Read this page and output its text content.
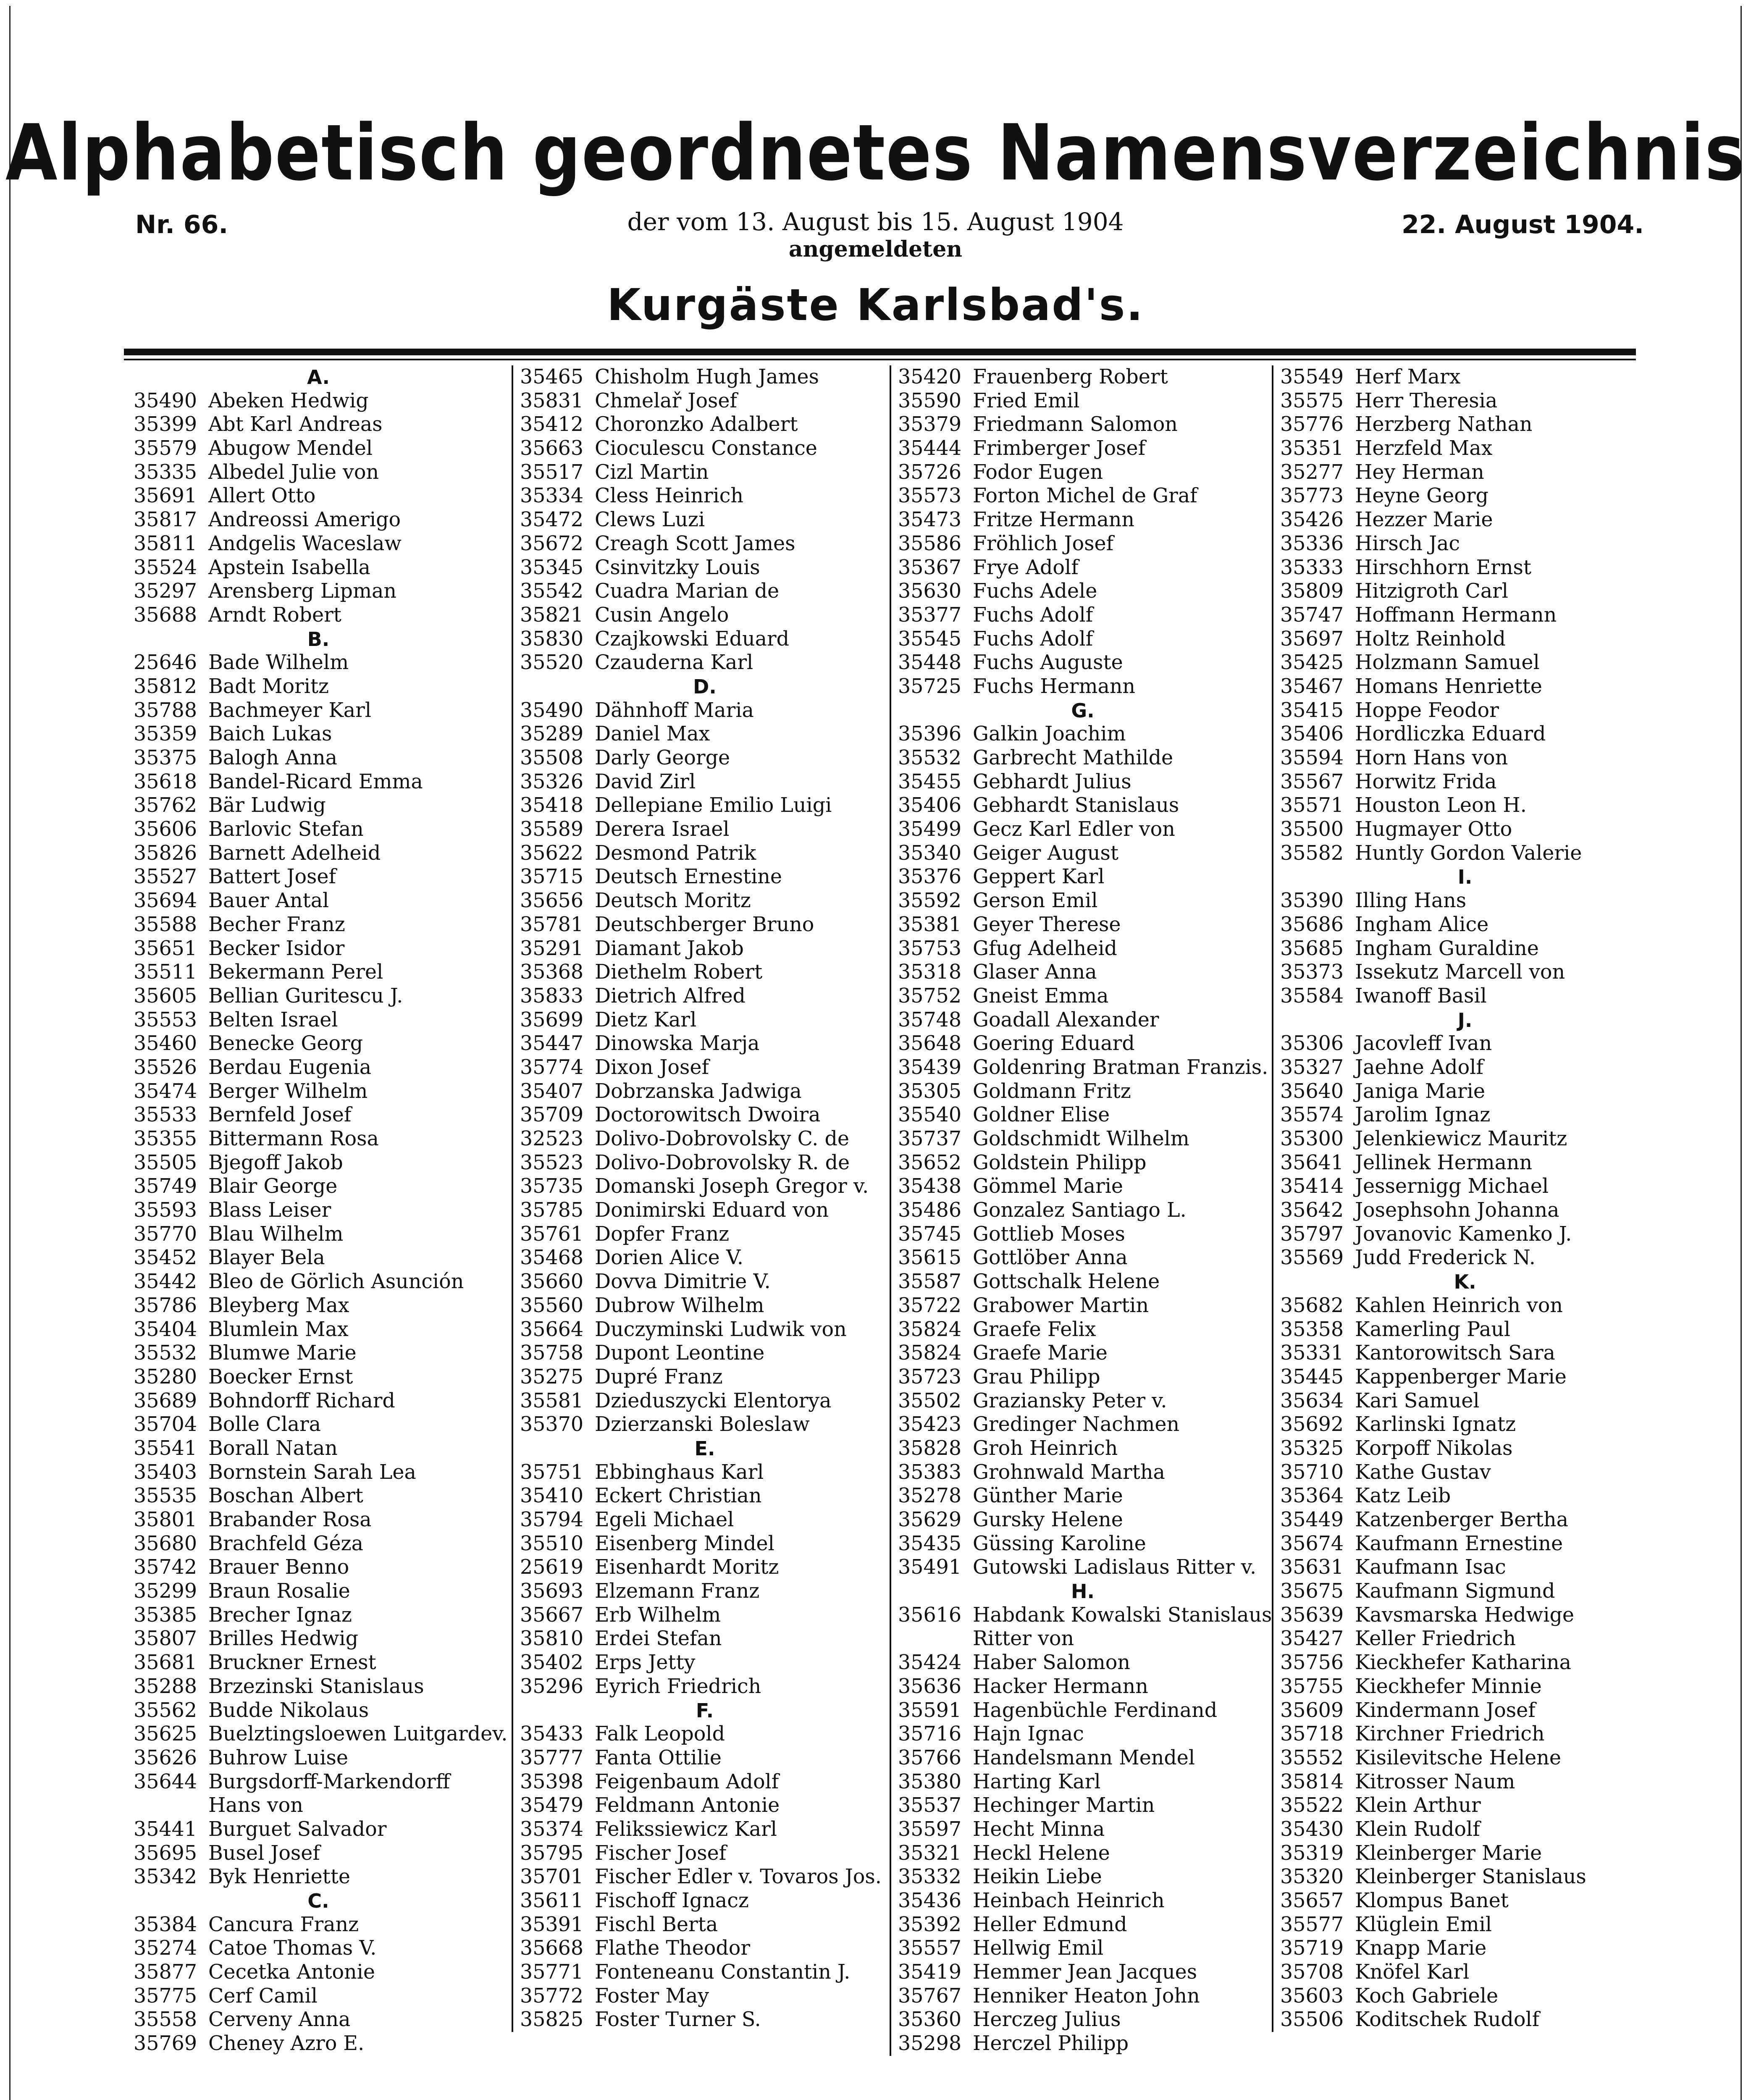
Alphabetisch geordnetes Namensverzeichnis
Nr. 66.	der vom 13. August bis 15. August 1904
angemeldeten
22. August 1904.
Kurgäste Karlsbad's.
A.
35490 Abeken Hedwig
35399 Abt Karl Andreas
35579 Abugow Mendel
35335 Albedel Julie von
35691 Allert Otto
35817 Andreossi Amerigo
35811 Andgelis Waceslaw
35524 Apstein Isabella
35297 Arensberg Lipman
35688 Arndt Robert
B.
25646 Bade Wilhelm
35812 Badt Moritz
35788 Bachmeyer Karl
35359 Baich Lukas
35375 Balogh Anna
35618 Bandel-Ricard Emma
35762 Bär Ludwig
35606 Barlovic Stefan
35826 Barnett Adelheid
35527 Battert Josef
35694 Bauer Antal
35588 Becher Franz
35651 Becker Isidor
35511 Bekermann Perel
35605 Bellian Guritescu J.
35553 Belten Israel
35460 Benecke Georg
35526 Berdau Eugenia
35474 Berger Wilhelm
35533 Bernfeld Josef
35355 Bittermann Rosa
35505 Bjegoff Jakob
35749 Blair George
35593 Blass Leiser
35770 Blau Wilhelm
35452 Blayer Bela
35442 Bleo de Görlich Asunción
35786 Bleyberg Max
35404 Blumlein Max
35532 Blumwe Marie
35280 Boecker Ernst
35689 Bohndorff Richard
35704 Bolle Clara
35541 Borall Natan
35403 Bornstein Sarah Lea
35535 Boschan Albert
35801 Brabander Rosa
35680 Brachfeld Géza
35742 Brauer Benno
35299 Braun Rosalie
35385 Brecher Ignaz
35807 Brilles Hedwig
35681 Bruckner Ernest
35288 Brzezinski Stanislaus
35562 Budde Nikolaus
35625 Buelztingsloewen Luitgardev.
35626 Buhrow Luise
35644 Burgsdorff-Markendorff
Hans von
35441 Burguet Salvador
35695 Busel Josef
35342 Byk Henriette
C.
35384 Cancura Franz
35274 Catoe Thomas V.
35877 Cecetka Antonie
35775 Cerf Camil
35558 Cerveny Anna
35769 Cheney Azro E.
35465 Chisholm Hugh James
35831 Chmelař Josef
35412 Choronzko Adalbert
35663 Cioculescu Constance
35517 Cizl Martin
35334 Cless Heinrich
35472 Clews Luzi
35672 Creagh Scott James
35345 Csinvitzky Louis
35542 Cuadra Marian de
35821 Cusin Angelo
35830 Czajkowski Eduard
35520 Czauderna Karl
D.
35490 Dähnhoff Maria
35289 Daniel Max
35508 Darly George
35326 David Zirl
35418 Dellepiane Emilio Luigi
35589 Derera Israel
35622 Desmond Patrik
35715 Deutsch Ernestine
35656 Deutsch Moritz
35781 Deutschberger Bruno
35291 Diamant Jakob
35368 Diethelm Robert
35833 Dietrich Alfred
35699 Dietz Karl
35447 Dinowska Marja
35774 Dixon Josef
35407 Dobrzanska Jadwiga
35709 Doctorowitsch Dwoira
32523 Dolivo-Dobrovolsky C. de
35523 Dolivo-Dobrovolsky R. de
35735 Domanski Joseph Gregor v.
35785 Donimirski Eduard von
35761 Dopfer Franz
35468 Dorien Alice V.
35660 Dovva Dimitrie V.
35560 Dubrow Wilhelm
35664 Duczyminski Ludwik von
35758 Dupont Leontine
35275 Dupré Franz
35581 Dzieduszycki Elentorya
35370 Dzierzanski Boleslaw
E.
35751 Ebbinghaus Karl
35410 Eckert Christian
35794 Egeli Michael
35510 Eisenberg Mindel
25619 Eisenhardt Moritz
35693 Elzemann Franz
35667 Erb Wilhelm
35810 Erdei Stefan
35402 Erps Jetty
35296 Eyrich Friedrich
F.
35433 Falk Leopold
35777 Fanta Ottilie
35398 Feigenbaum Adolf
35479 Feldmann Antonie
35374 Felikssiewicz Karl
35795 Fischer Josef
35701 Fischer Edler v. Tovaros Jos.
35611 Fischoff Ignacz
35391 Fischl Berta
35668 Flathe Theodor
35771 Fonteneanu Constantin J.
35772 Foster May
35825 Foster Turner S.
35420 Frauenberg Robert
35590 Fried Emil
35379 Friedmann Salomon
35444 Frimberger Josef
35726 Fodor Eugen
35573 Forton Michel de Graf
35473 Fritze Hermann
35586 Fröhlich Josef
35367 Frye Adolf
35630 Fuchs Adele
35377 Fuchs Adolf
35545 Fuchs Adolf
35448 Fuchs Auguste
35725 Fuchs Hermann
G.
35396 Galkin Joachim
35532 Garbrecht Mathilde
35455 Gebhardt Julius
35406 Gebhardt Stanislaus
35499 Gecz Karl Edler von
35340 Geiger August
35376 Geppert Karl
35592 Gerson Emil
35381 Geyer Therese
35753 Gfug Adelheid
35318 Glaser Anna
35752 Gneist Emma
35748 Goadall Alexander
35648 Goering Eduard
35439 Goldenring Bratman Franzis.
35305 Goldmann Fritz
35540 Goldner Elise
35737 Goldschmidt Wilhelm
35652 Goldstein Philipp
35438 Gömmel Marie
35486 Gonzalez Santiago L.
35745 Gottlieb Moses
35615 Gottlöber Anna
35587 Gottschalk Helene
35722 Grabower Martin
35824 Graefe Felix
35824 Graefe Marie
35723 Grau Philipp
35502 Graziansky Peter v.
35423 Gredinger Nachmen
35828 Groh Heinrich
35383 Grohnwald Martha
35278 Günther Marie
35629 Gursky Helene
35435 Güssing Karoline
35491 Gutowski Ladislaus Ritter v.
H.
35616 Habdank Kowalski Stanislaus
Ritter von
35424 Haber Salomon
35636 Hacker Hermann
35591 Hagenbüchle Ferdinand
35716 Hajn Ignac
35766 Handelsmann Mendel
35380 Harting Karl
35537 Hechinger Martin
35597 Hecht Minna
35321 Heckl Helene
35332 Heikin Liebe
35436 Heinbach Heinrich
35392 Heller Edmund
35557 Hellwig Emil
35419 Hemmer Jean Jacques
35767 Henniker Heaton John
35360 Herczeg Julius
35298 Herczel Philipp
35549 Herf Marx
35575 Herr Theresia
35776 Herzberg Nathan
35351 Herzfeld Max
35277 Hey Herman
35773 Heyne Georg
35426 Hezzer Marie
35336 Hirsch Jac
35333 Hirschhorn Ernst
35809 Hitzigroth Carl
35747 Hoffmann Hermann
35697 Holtz Reinhold
35425 Holzmann Samuel
35467 Homans Henriette
35415 Hoppe Feodor
35406 Hordliczka Eduard
35594 Horn Hans von
35567 Horwitz Frida
35571 Houston Leon H.
35500 Hugmayer Otto
35582 Huntly Gordon Valerie
I.
35390 Illing Hans
35686 Ingham Alice
35685 Ingham Guraldine
35373 Issekutz Marcell von
35584 Iwanoff Basil
J.
35306 Jacovleff Ivan
35327 Jaehne Adolf
35640 Janiga Marie
35574 Jarolim Ignaz
35300 Jelenkiewicz Mauritz
35641 Jellinek Hermann
35414 Jessernigg Michael
35642 Josephsohn Johanna
35797 Jovanovic Kamenko J.
35569 Judd Frederick N.
K.
35682 Kahlen Heinrich von
35358 Kamerling Paul
35331 Kantorowitsch Sara
35445 Kappenberger Marie
35634 Kari Samuel
35692 Karlinski Ignatz
35325 Korpoff Nikolas
35710 Kathe Gustav
35364 Katz Leib
35449 Katzenberger Bertha
35674 Kaufmann Ernestine
35631 Kaufmann Isac
35675 Kaufmann Sigmund
35639 Kavsmarska Hedwige
35427 Keller Friedrich
35756 Kieckhefer Katharina
35755 Kieckhefer Minnie
35609 Kindermann Josef
35718 Kirchner Friedrich
35552 Kisilevitsche Helene
35814 Kitrosser Naum
35522 Klein Arthur
35430 Klein Rudolf
35319 Kleinberger Marie
35320 Kleinberger Stanislaus
35657 Klompus Banet
35577 Klüglein Emil
35719 Knapp Marie
35708 Knöfel Karl
35603 Koch Gabriele
35506 Koditschek Rudolf
